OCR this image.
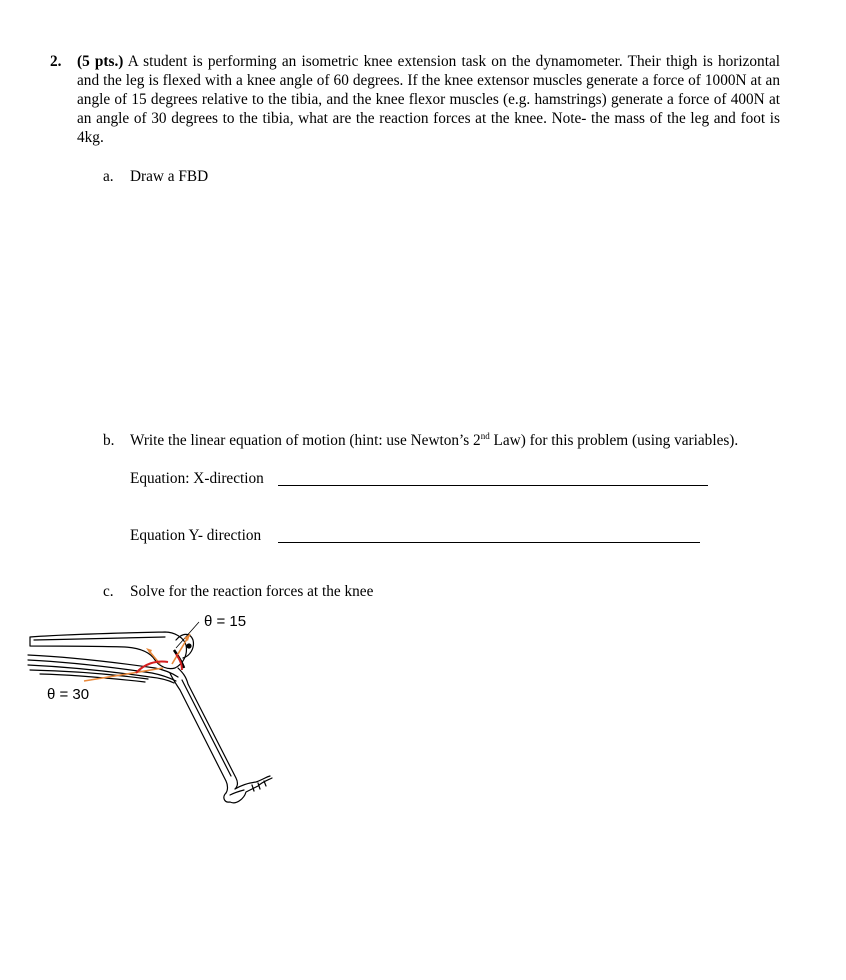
2. (5 pts.) A student is performing an isometric knee extension task on the dynamometer. Their thigh is horizontal and the leg is flexed with a knee angle of 60 degrees. If the knee extensor muscles generate a force of 1000N at an angle of 15 degrees relative to the tibia, and the knee flexor muscles (e.g. hamstrings) generate a force of 400N at an angle of 30 degrees to the tibia, what are the reaction forces at the knee. Note- the mass of the leg and foot is 4kg.
a. Draw a FBD
b. Write the linear equation of motion (hint: use Newton’s 2nd Law) for this problem (using variables).
Equation: X-direction
Equation Y- direction
c. Solve for the reaction forces at the knee
θ = 15
θ = 30
